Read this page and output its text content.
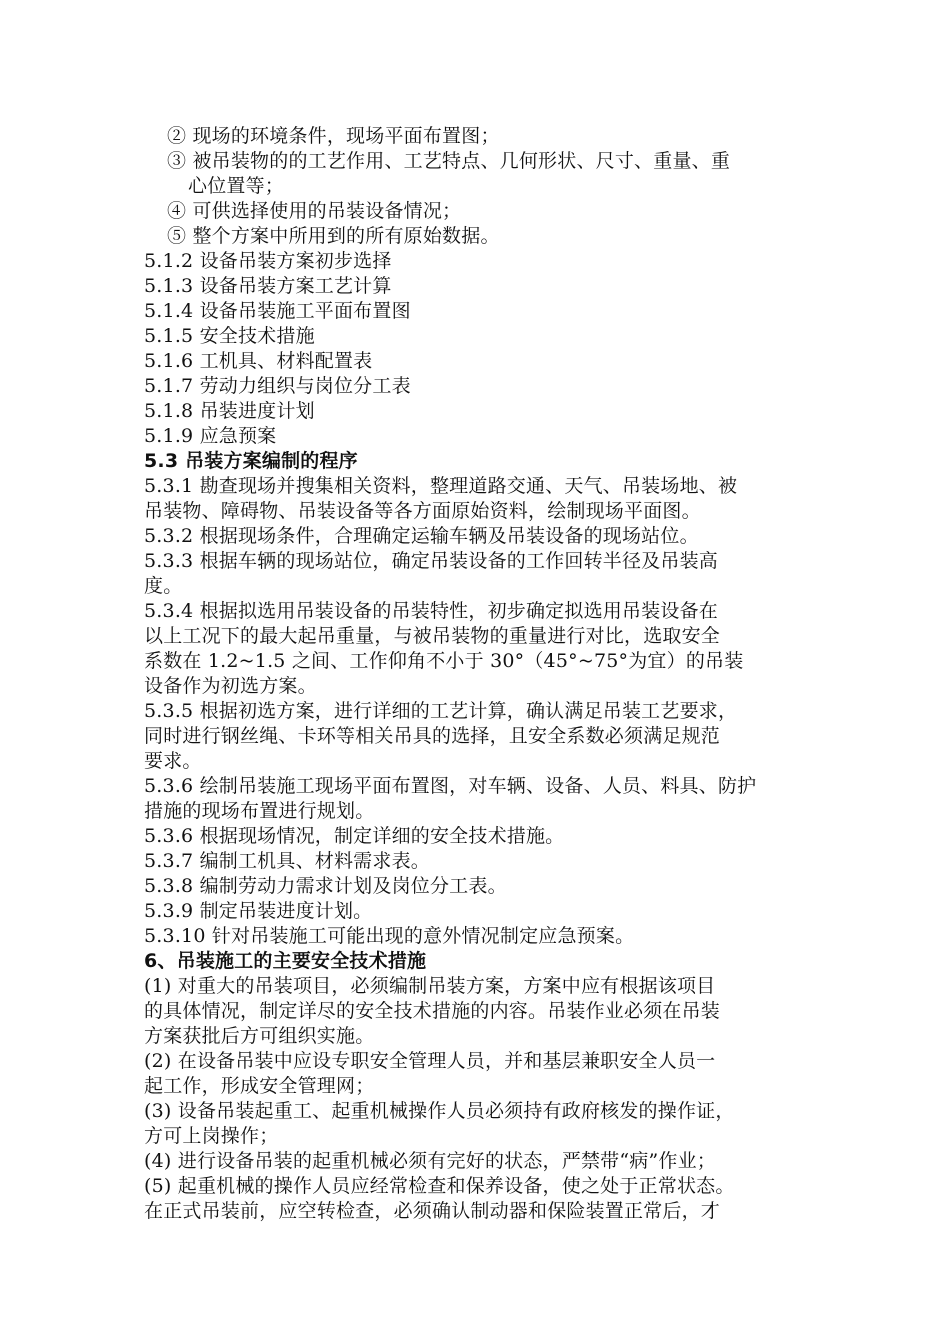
② 现场的环境条件，现场平面布置图；
③ 被吊装物的的工艺作用、工艺特点、几何形状、尺寸、重量、重
心位置等；
④ 可供选择使用的吊装设备情况；
⑤ 整个方案中所用到的所有原始数据。
5.1.2 设备吊装方案初步选择
5.1.3 设备吊装方案工艺计算
5.1.4 设备吊装施工平面布置图
5.1.5 安全技术措施
5.1.6 工机具、材料配置表
5.1.7 劳动力组织与岗位分工表
5.1.8 吊装进度计划
5.1.9 应急预案
5.3 吊装方案编制的程序
5.3.1 勘查现场并搜集相关资料，整理道路交通、天气、吊装场地、被
吊装物、障碍物、吊装设备等各方面原始资料，绘制现场平面图。
5.3.2 根据现场条件，合理确定运输车辆及吊装设备的现场站位。
5.3.3 根据车辆的现场站位，确定吊装设备的工作回转半径及吊装高
度。
5.3.4 根据拟选用吊装设备的吊装特性，初步确定拟选用吊装设备在
以上工况下的最大起吊重量，与被吊装物的重量进行对比，选取安全
系数在 1.2~1.5 之间、工作仰角不小于 30°（45°~75°为宜）的吊装
设备作为初选方案。
5.3.5 根据初选方案，进行详细的工艺计算，确认满足吊装工艺要求，
同时进行钢丝绳、卡环等相关吊具的选择，且安全系数必须满足规范
要求。
5.3.6 绘制吊装施工现场平面布置图，对车辆、设备、人员、料具、防护
措施的现场布置进行规划。
5.3.6 根据现场情况，制定详细的安全技术措施。
5.3.7 编制工机具、材料需求表。
5.3.8 编制劳动力需求计划及岗位分工表。
5.3.9 制定吊装进度计划。
5.3.10 针对吊装施工可能出现的意外情况制定应急预案。
6、吊装施工的主要安全技术措施
(1) 对重大的吊装项目，必须编制吊装方案，方案中应有根据该项目
的具体情况，制定详尽的安全技术措施的内容。吊装作业必须在吊装
方案获批后方可组织实施。
(2) 在设备吊装中应设专职安全管理人员，并和基层兼职安全人员一
起工作，形成安全管理网；
(3) 设备吊装起重工、起重机械操作人员必须持有政府核发的操作证，
方可上岗操作；
(4) 进行设备吊装的起重机械必须有完好的状态，严禁带“病”作业；
(5) 起重机械的操作人员应经常检查和保养设备，使之处于正常状态。
在正式吊装前，应空转检查，必须确认制动器和保险装置正常后，才
